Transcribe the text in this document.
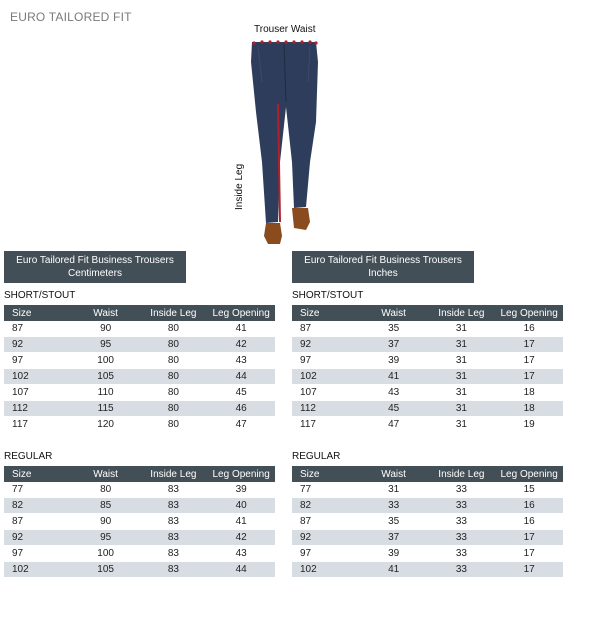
EURO TAILORED FIT
Trouser Waist
Inside Leg
Euro Tailored Fit Business Trousers
Centimeters
SHORT/STOUT
Size	Waist	Inside Leg	Leg Opening
87	90	80	41
92	95	80	42
97	100	80	43
102	105	80	44
107	110	80	45
112	115	80	46
117	120	80	47
REGULAR
Size	Waist	Inside Leg	Leg Opening
77	80	83	39
82	85	83	40
87	90	83	41
92	95	83	42
97	100	83	43
102	105	83	44
Euro Tailored Fit Business Trousers
Inches
SHORT/STOUT
Size	Waist	Inside Leg	Leg Opening
87	35	31	16
92	37	31	17
97	39	31	17
102	41	31	17
107	43	31	18
112	45	31	18
117	47	31	19
REGULAR
Size	Waist	Inside Leg	Leg Opening
77	31	33	15
82	33	33	16
87	35	33	16
92	37	33	17
97	39	33	17
102	41	33	17
